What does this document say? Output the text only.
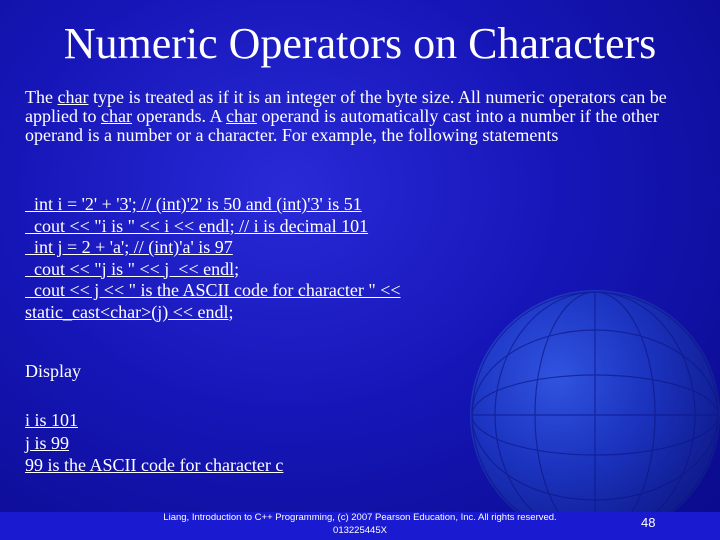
Numeric Operators on Characters
The char type is treated as if it is an integer of the byte size. All numeric operators can be applied to char operands. A char operand is automatically cast into a number if the other operand is a number or a character. For example, the following statements
int i = '2' + '3'; // (int)'2' is 50 and (int)'3' is 51
cout << "i is " << i << endl; // i is decimal 101
int j = 2 + 'a'; // (int)'a' is 97
cout << "j is " << j  << endl;
cout << j << " is the ASCII code for character " <<
static_cast<char>(j) << endl;
Display
i is 101
j is 99
99 is the ASCII code for character c
Liang, Introduction to C++ Programming, (c) 2007 Pearson Education, Inc. All rights reserved.
013225445X
48
